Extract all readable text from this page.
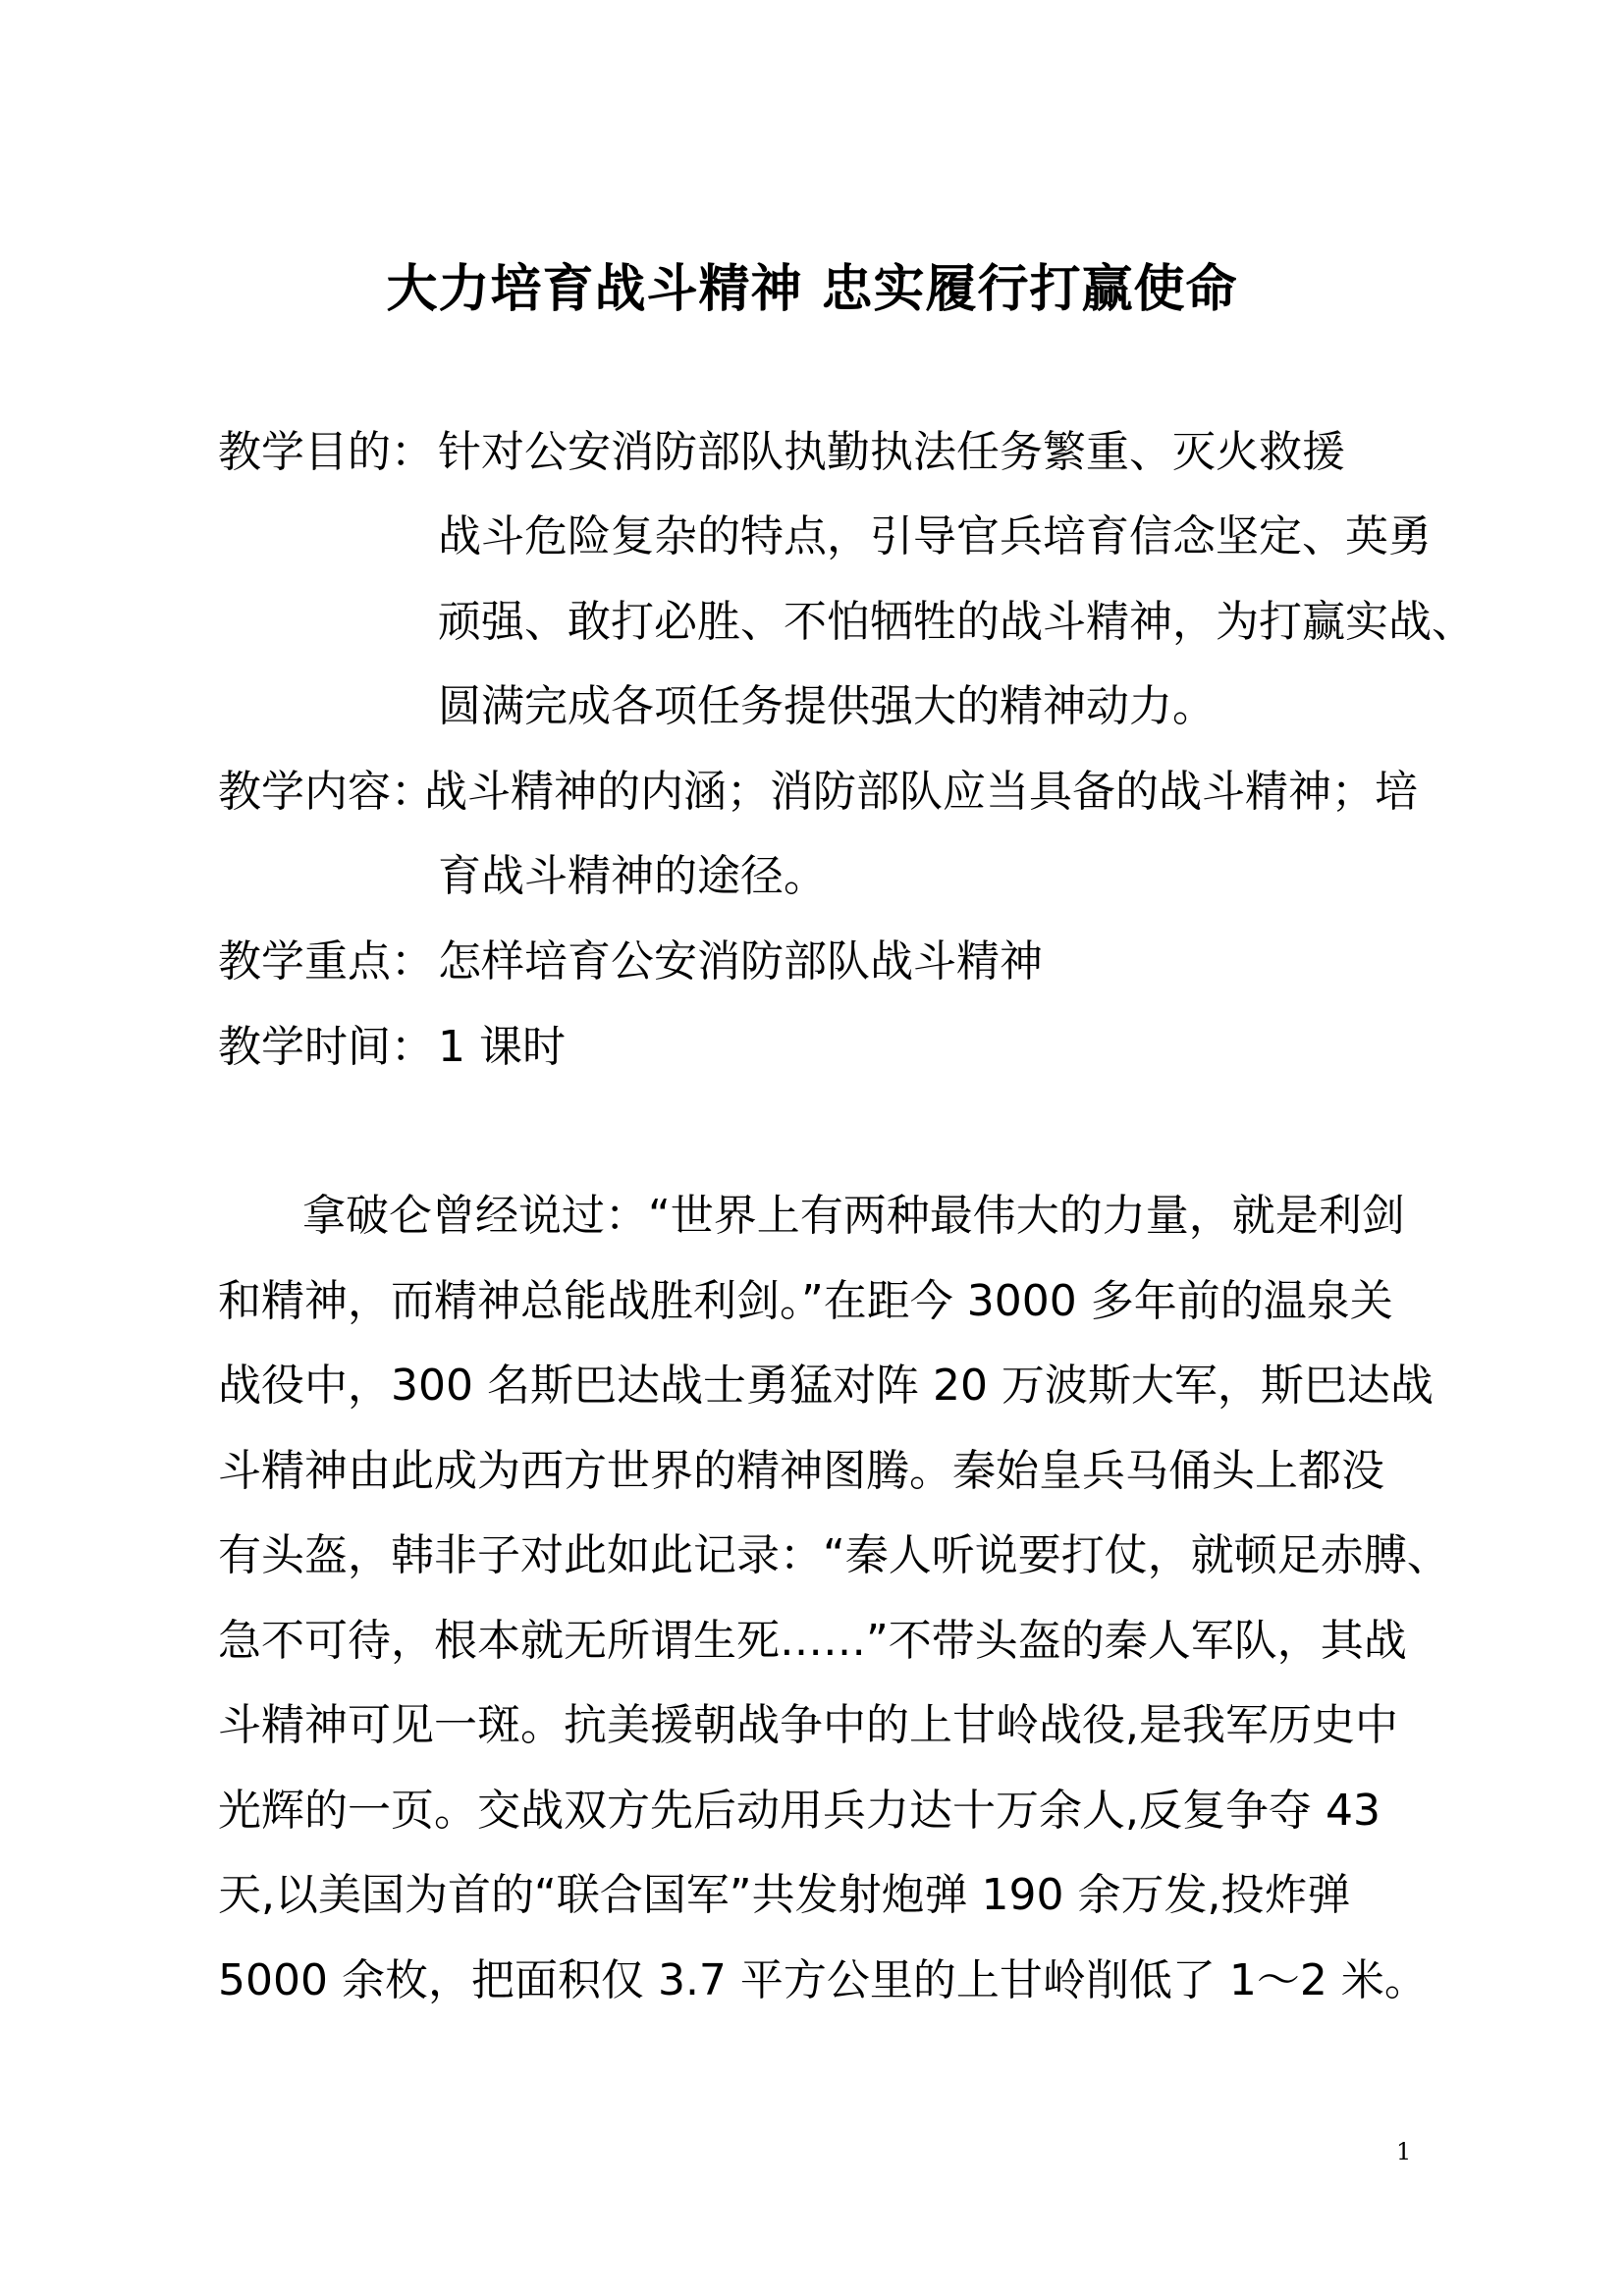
大力培育战斗精神 忠实履行打赢使命
教学目的： 针对公安消防部队执勤执法任务繁重、灭火救援
战斗危险复杂的特点，引导官兵培育信念坚定、英勇
顽强、敢打必胜、不怕牺牲的战斗精神，为打赢实战、
圆满完成各项任务提供强大的精神动力。
教学内容：
战斗精神的内涵；消防部队应当具备的战斗精神；培
育战斗精神的途径。
教学重点： 怎样培育公安消防部队战斗精神
教学时间： 1 课时
拿破仑曾经说过：“世界上有两种最伟大的力量，就是利剑
和精神，而精神总能战胜利剑。”在距今 3000 多年前的温泉关
战役中，300 名斯巴达战士勇猛对阵 20 万波斯大军，斯巴达战
斗精神由此成为西方世界的精神图腾。秦始皇兵马俑头上都没
有头盔，韩非子对此如此记录：“秦人听说要打仗，就顿足赤膊、
急不可待，根本就无所谓生死……”不带头盔的秦人军队，其战
斗精神可见一斑。抗美援朝战争中的上甘岭战役,是我军历史中
光辉的一页。交战双方先后动用兵力达十万余人,反复争夺 43
天,以美国为首的“联合国军”共发射炮弹 190 余万发,投炸弹
5000 余枚，把面积仅 3.7 平方公里的上甘岭削低了 1～2 米。
1
